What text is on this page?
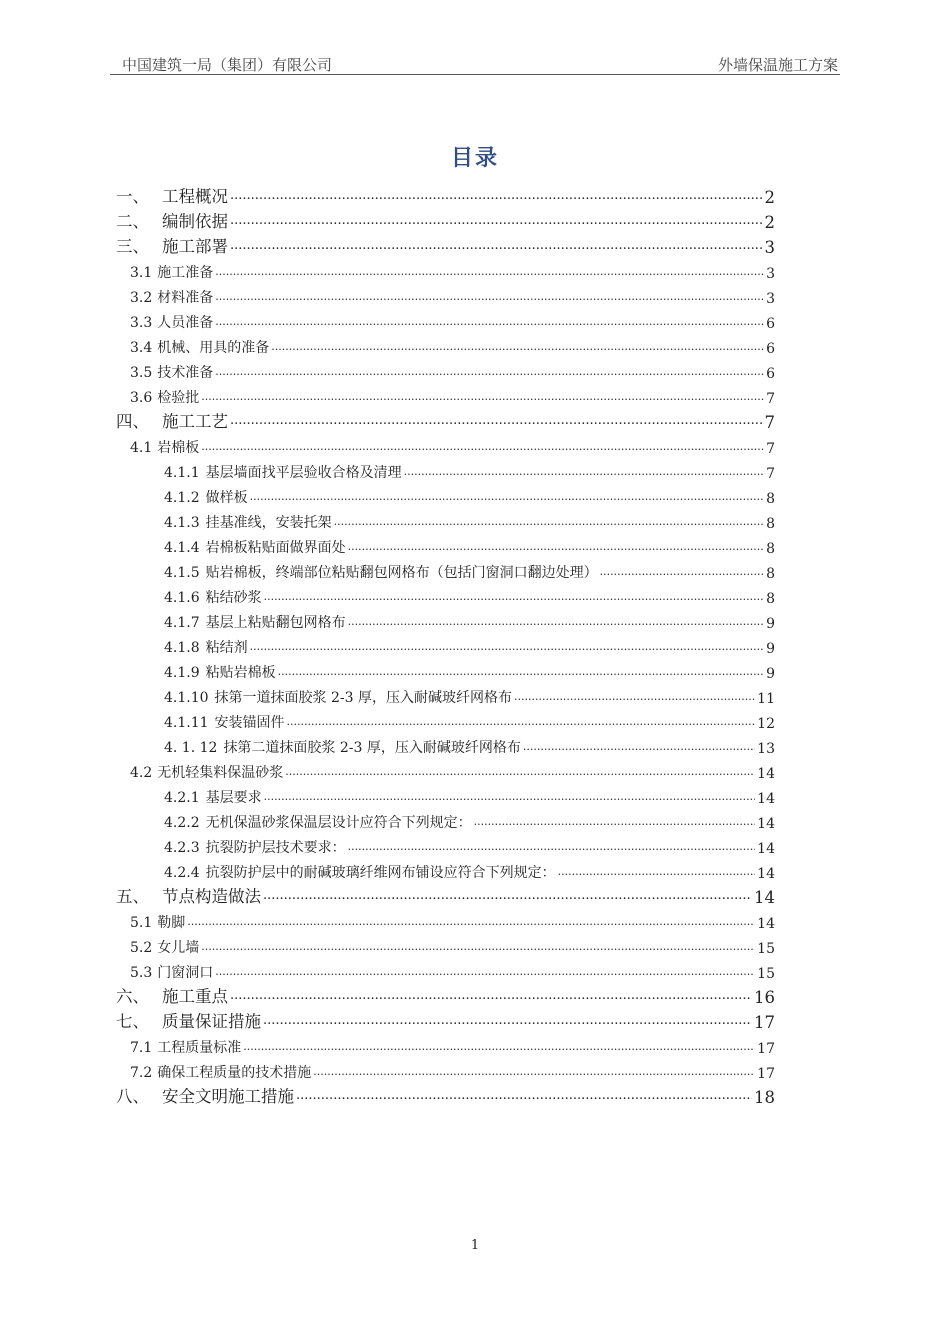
中国建筑一局（集团）有限公司	外墙保温施工方案
目录
一、 工程概况 .....	2
二、 编制依据 .....	2
三、 施工部署 .....	3
3.1 施工准备 .....	3
3.2 材料准备 .....	3
3.3 人员准备 .....	6
3.4 机械、用具的准备 .....	6
3.5 技术准备 .....	6
3.6 检验批 .....	7
四、 施工工艺 .....	7
4.1 岩棉板 .....	7
4.1.1 基层墙面找平层验收合格及清理 .....	7
4.1.2 做样板 .....	8
4.1.3 挂基准线，安装托架 .....	8
4.1.4 岩棉板粘贴面做界面处 .....	8
4.1.5 贴岩棉板，终端部位粘贴翻包网格布（包括门窗洞口翻边处理） .....	8
4.1.6 粘结砂浆 .....	8
4.1.7 基层上粘贴翻包网格布 .....	9
4.1.8 粘结剂 .....	9
4.1.9 粘贴岩棉板 .....	9
4.1.10 抹第一道抹面胶浆 2-3 厚，压入耐碱玻纤网格布 .....	11
4.1.11 安装锚固件 .....	12
4. 1. 12 抹第二道抹面胶浆 2-3 厚，压入耐碱玻纤网格布 .....	13
4.2 无机轻集料保温砂浆 .....	14
4.2.1 基层要求 .....	14
4.2.2 无机保温砂浆保温层设计应符合下列规定： .....	14
4.2.3 抗裂防护层技术要求： .....	14
4.2.4 抗裂防护层中的耐碱玻璃纤维网布铺设应符合下列规定： .....	14
五、 节点构造做法 .....	14
5.1 勒脚 .....	14
5.2 女儿墙 .....	15
5.3 门窗洞口 .....	15
六、 施工重点 .....	16
七、 质量保证措施 .....	17
7.1 工程质量标准 .....	17
7.2 确保工程质量的技术措施 .....	17
八、 安全文明施工措施 .....	18
1
